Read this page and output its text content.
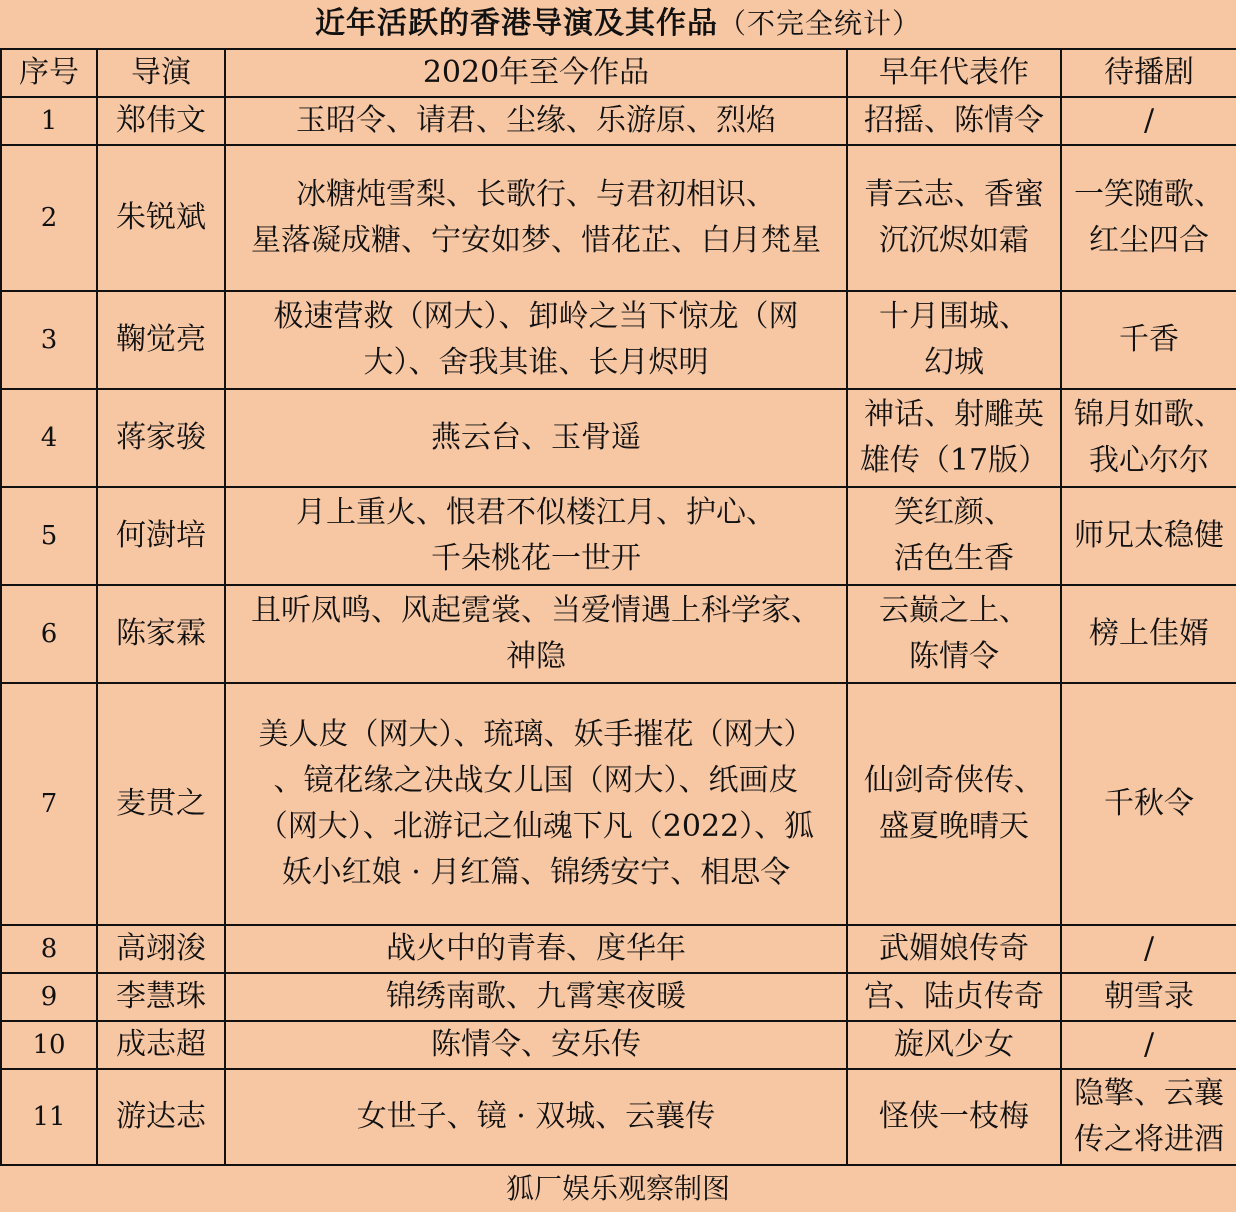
近年活跃的香港导演及其作品（不完全统计）
序号	导演	2020年至今作品	早年代表作	待播剧
1	郑伟文	玉昭令、请君、尘缘、乐游原、烈焰	招摇、陈情令	/
2	朱锐斌	冰糖炖雪梨、长歌行、与君初相识、
星落凝成糖、宁安如梦、惜花芷、白月梵星	青云志、香蜜
沉沉烬如霜	一笑随歌、
红尘四合
3	鞠觉亮	极速营救（网大）、卸岭之当下惊龙（网
大）、舍我其谁、长月烬明	十月围城、
幻城	千香
4	蒋家骏	燕云台、玉骨遥	神话、射雕英
雄传（17版）	锦月如歌、
我心尔尔
5	何澍培	月上重火、恨君不似楼江月、护心、
千朵桃花一世开	笑红颜、
活色生香	师兄太稳健
6	陈家霖	且听凤鸣、风起霓裳、当爱情遇上科学家、
神隐	云巅之上、
陈情令	榜上佳婿
7	麦贯之	美人皮（网大）、琉璃、妖手摧花（网大）
、镜花缘之决战女儿国（网大）、纸画皮
（网大）、北游记之仙魂下凡（2022）、狐
妖小红娘 · 月红篇、锦绣安宁、相思令	仙剑奇侠传、
盛夏晚晴天	千秋令
8	高翊浚	战火中的青春、度华年	武媚娘传奇	/
9	李慧珠	锦绣南歌、九霄寒夜暖	宫、陆贞传奇	朝雪录
10	成志超	陈情令、安乐传	旋风少女	/
11	游达志	女世子、镜 · 双城、云襄传	怪侠一枝梅	隐擎、云襄
传之将进酒
狐厂娱乐观察制图
